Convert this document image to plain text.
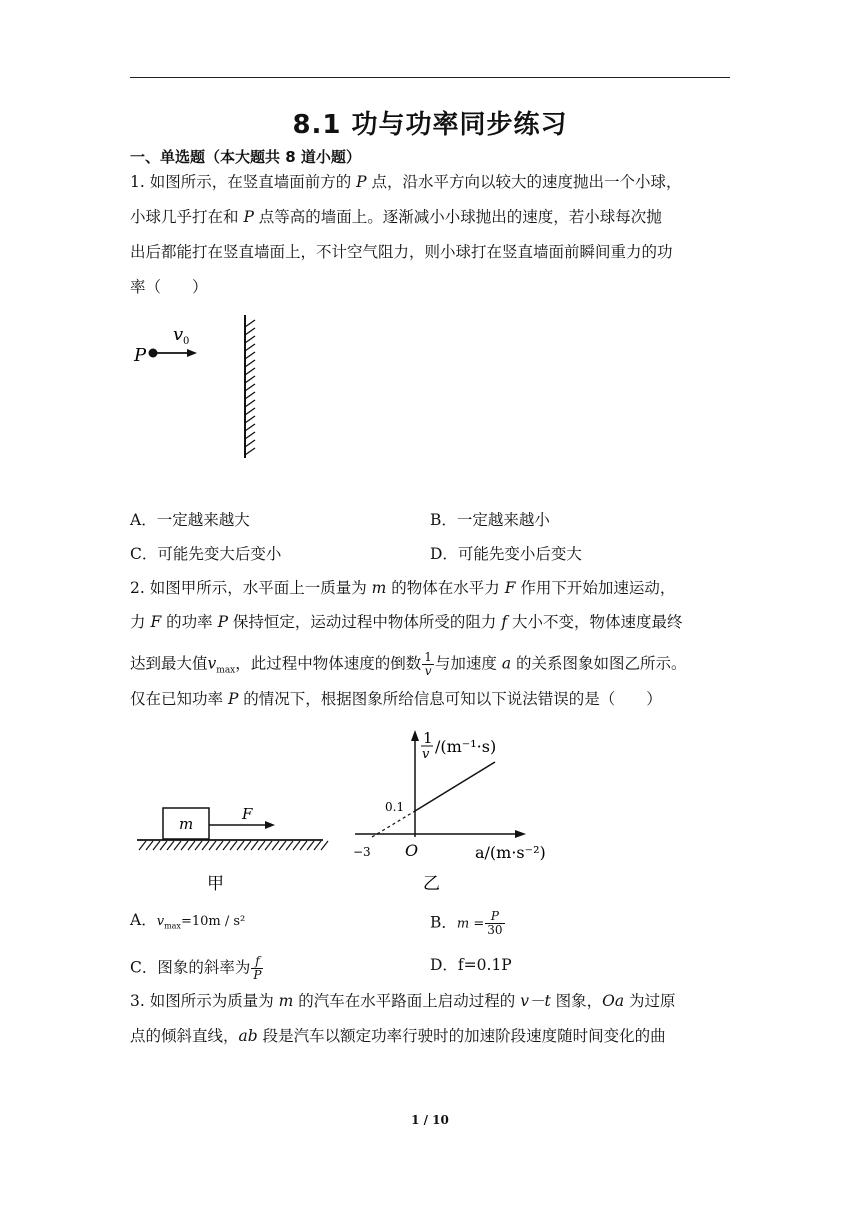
8.1 功与功率同步练习
一、单选题（本大题共 8 道小题）
1. 如图所示，在竖直墙面前方的 P 点，沿水平方向以较大的速度抛出一个小球，
小球几乎打在和 P 点等高的墙面上。逐渐减小小球抛出的速度，若小球每次抛
出后都能打在竖直墙面上，不计空气阻力，则小球打在竖直墙面前瞬间重力的功
率（　　）
v 0
P
A．一定越来越大	B．一定越来越小
C．可能先变大后变小	D．可能先变小后变大
2. 如图甲所示，水平面上一质量为 m 的物体在水平力 F 作用下开始加速运动，
力 F 的功率 P 保持恒定，运动过程中物体所受的阻力 f 大小不变，物体速度最终
达到最大值$v_{max}$，此过程中物体速度的倒数 $\frac{1}{v}$ 与加速度 a 的关系图象如图乙所示。
仅在已知功率 P 的情况下，根据图象所给信息可知以下说法错误的是（　　）
m
F
甲
1
v /(m⁻¹·s)
0.1
−3 O	a/(m·s⁻²)
乙
A．$v_{max}=10m / s^2$	B．$m = \frac{P}{30}$
C．图象的斜率为 $\frac{f}{P}$	D．f=0.1P
3. 如图所示为质量为 m 的汽车在水平路面上启动过程的 v－t 图象，Oa 为过原
点的倾斜直线，ab 段是汽车以额定功率行驶时的加速阶段速度随时间变化的曲
1 / 10
